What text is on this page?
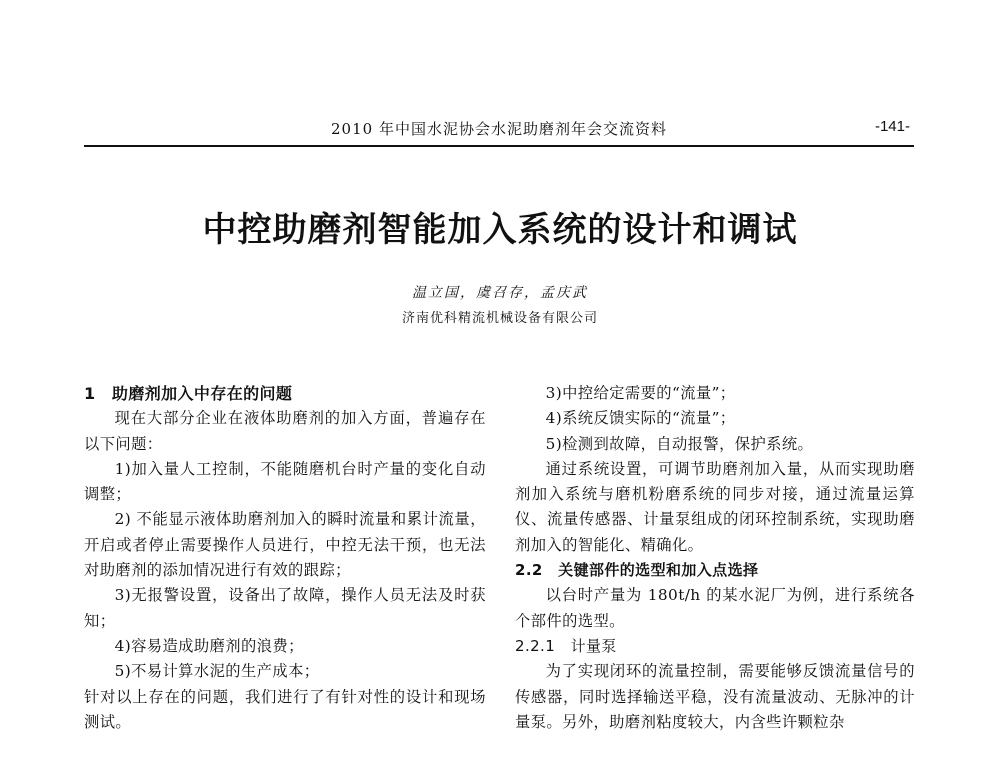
2010 年中国水泥协会水泥助磨剂年会交流资料	-141-
中控助磨剂智能加入系统的设计和调试
温立国，虞召存，孟庆武
济南优科精流机械设备有限公司

1　助磨剂加入中存在的问题

现在大部分企业在液体助磨剂的加入方面，普遍存在以下问题：

1)加入量人工控制，不能随磨机台时产量的变化自动调整；

2) 不能显示液体助磨剂加入的瞬时流量和累计流量，开启或者停止需要操作人员进行，中控无法干预，也无法对助磨剂的添加情况进行有效的跟踪；

3)无报警设置，设备出了故障，操作人员无法及时获知；

4)容易造成助磨剂的浪费；

5)不易计算水泥的生产成本；

针对以上存在的问题，我们进行了有针对性的设计和现场测试。

3)中控给定需要的“流量”；

4)系统反馈实际的“流量”；

5)检测到故障，自动报警，保护系统。

通过系统设置，可调节助磨剂加入量，从而实现助磨剂加入系统与磨机粉磨系统的同步对接，通过流量运算仪、流量传感器、计量泵组成的闭环控制系统，实现助磨剂加入的智能化、精确化。

2.2　关键部件的选型和加入点选择

以台时产量为 180t/h 的某水泥厂为例，进行系统各个部件的选型。

2.2.1　计量泵

为了实现闭环的流量控制，需要能够反馈流量信号的传感器，同时选择输送平稳，没有流量波动、无脉冲的计量泵。另外，助磨剂粘度较大，内含些许颗粒杂
